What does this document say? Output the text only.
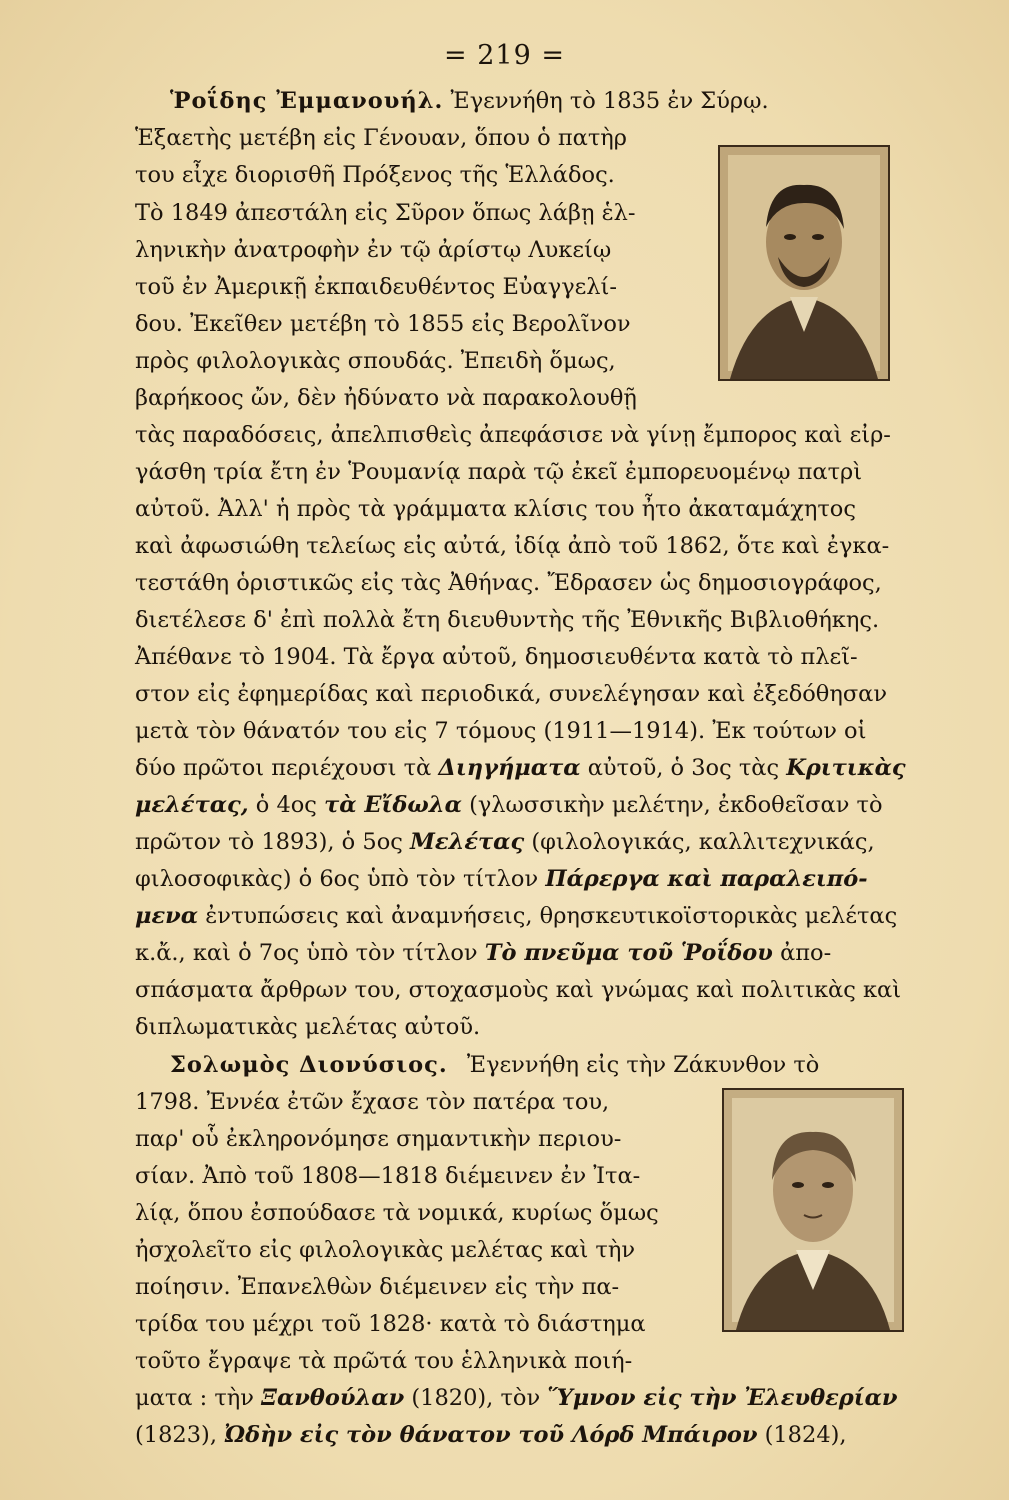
= 219 =
Ῥοΐδης Ἐμμανουήλ. Ἐγεννήθη τὸ 1835 ἐν Σύρῳ.
Ἑξαετὴς μετέβη εἰς Γένουαν, ὅπου ὁ πατὴρ
του εἶχε διορισθῆ Πρόξενος τῆς Ἑλλάδος.
Τὸ 1849 ἀπεστάλη εἰς Σῦρον ὅπως λάβῃ ἑλ-
ληνικὴν ἀνατροφὴν ἐν τῷ ἀρίστῳ Λυκείῳ
τοῦ ἐν Ἀμερικῇ ἐκπαιδευθέντος Εὐαγγελί-
δου. Ἐκεῖθεν μετέβη τὸ 1855 εἰς Βερολῖνον
πρὸς φιλολογικὰς σπουδάς. Ἐπειδὴ ὅμως,
βαρήκοος ὤν, δὲν ἠδύνατο νὰ παρακολουθῇ
τὰς παραδόσεις, ἀπελπισθεὶς ἀπεφάσισε νὰ γίνῃ ἔμπορος καὶ εἰρ-
γάσθη τρία ἔτη ἐν Ῥουμανίᾳ παρὰ τῷ ἐκεῖ ἐμπορευομένῳ πατρὶ
αὐτοῦ. Ἀλλ' ἡ πρὸς τὰ γράμματα κλίσις του ἦτο ἀκαταμάχητος
καὶ ἀφωσιώθη τελείως εἰς αὐτά, ἰδίᾳ ἀπὸ τοῦ 1862, ὅτε καὶ ἐγκα-
τεστάθη ὁριστικῶς εἰς τὰς Ἀθήνας. Ἔδρασεν ὡς δημοσιογράφος,
διετέλεσε δ' ἐπὶ πολλὰ ἔτη διευθυντὴς τῆς Ἐθνικῆς Βιβλιοθήκης.
Ἀπέθανε τὸ 1904. Τὰ ἔργα αὐτοῦ, δημοσιευθέντα κατὰ τὸ πλεῖ-
στον εἰς ἐφημερίδας καὶ περιοδικά, συνελέγησαν καὶ ἐξεδόθησαν
μετὰ τὸν θάνατόν του εἰς 7 τόμους (1911—1914). Ἐκ τούτων οἱ
δύο πρῶτοι περιέχουσι τὰ Διηγήματα αὐτοῦ, ὁ 3ος τὰς Κριτικὰς
μελέτας, ὁ 4ος τὰ Εἴδωλα (γλωσσικὴν μελέτην, ἐκδοθεῖσαν τὸ
πρῶτον τὸ 1893), ὁ 5ος Μελέτας (φιλολογικάς, καλλιτεχνικάς,
φιλοσοφικὰς) ὁ 6ος ὑπὸ τὸν τίτλον Πάρεργα καὶ παραλειπό-
μενα ἐντυπώσεις καὶ ἀναμνήσεις, θρησκευτικοϊστορικὰς μελέτας
κ.ἄ., καὶ ὁ 7ος ὑπὸ τὸν τίτλον Τὸ πνεῦμα τοῦ Ῥοΐδου ἀπο-
σπάσματα ἄρθρων του, στοχασμοὺς καὶ γνώμας καὶ πολιτικὰς καὶ
διπλωματικὰς μελέτας αὐτοῦ.
Σολωμὸς Διονύσιος. Ἐγεννήθη εἰς τὴν Ζάκυνθον τὸ
1798. Ἐννέα ἐτῶν ἔχασε τὸν πατέρα του,
παρ' οὗ ἐκληρονόμησε σημαντικὴν περιου-
σίαν. Ἀπὸ τοῦ 1808—1818 διέμεινεν ἐν Ἰτα-
λίᾳ, ὅπου ἐσπούδασε τὰ νομικά, κυρίως ὅμως
ἠσχολεῖτο εἰς φιλολογικὰς μελέτας καὶ τὴν
ποίησιν. Ἐπανελθὼν διέμεινεν εἰς τὴν πα-
τρίδα του μέχρι τοῦ 1828· κατὰ τὸ διάστημα
τοῦτο ἔγραψε τὰ πρῶτά του ἑλληνικὰ ποιή-
ματα : τὴν Ξανθούλαν (1820), τὸν Ὕμνον εἰς τὴν Ἐλευθερίαν
(1823), Ὠδὴν εἰς τὸν θάνατον τοῦ Λόρδ Μπάιρον (1824),
